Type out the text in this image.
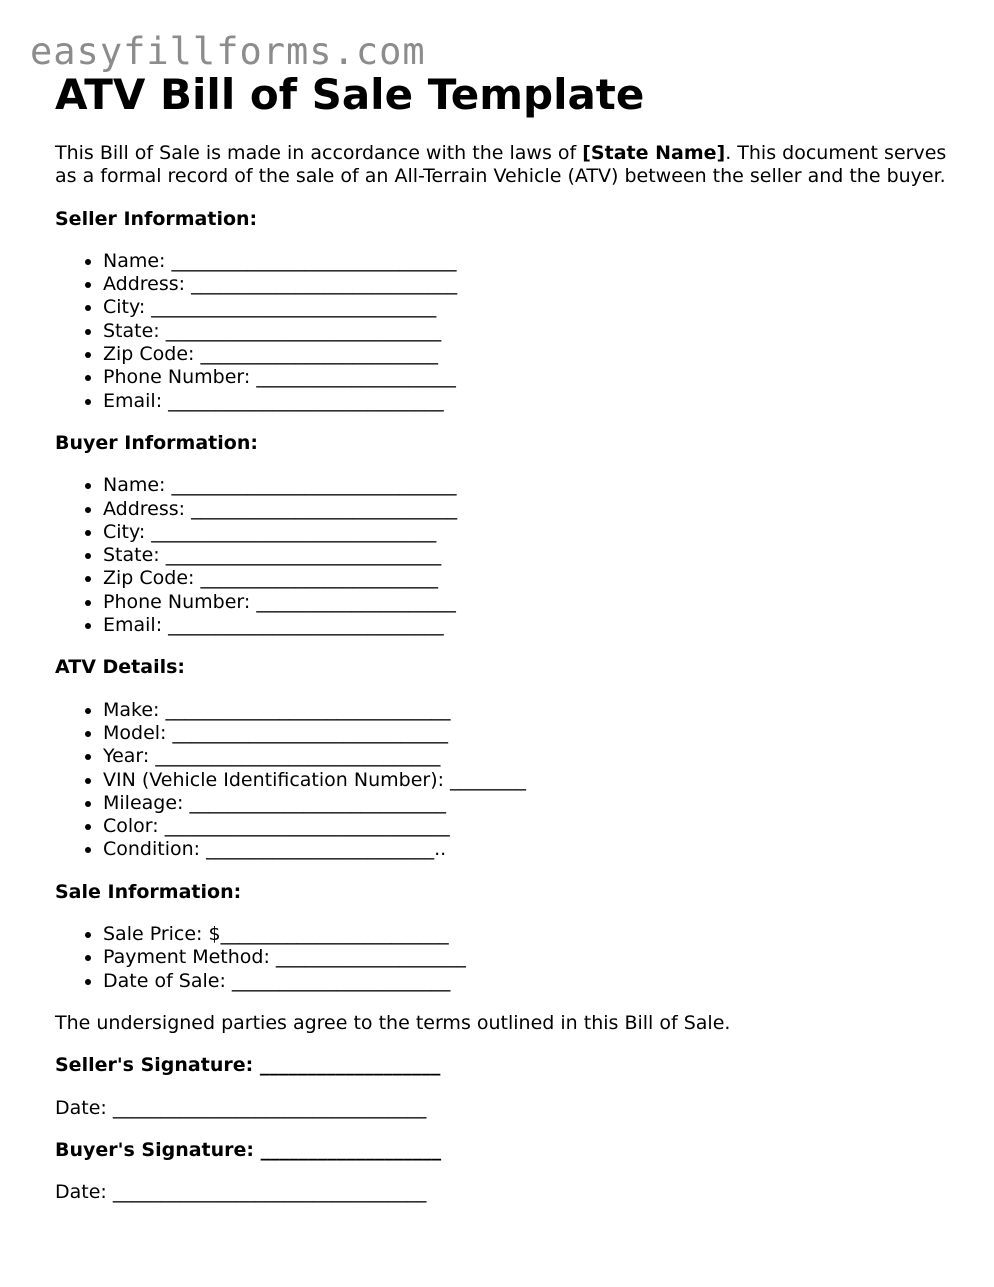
easyfillforms.com
ATV Bill of Sale Template

This Bill of Sale is made in accordance with the laws of [State Name]. This document serves as a formal record of the sale of an All-Terrain Vehicle (ATV) between the seller and the buyer.

Seller Information:

• Name: ______________________________
• Address: ____________________________
• City: ______________________________
• State: _____________________________
• Zip Code: _________________________
• Phone Number: _____________________
• Email: _____________________________

Buyer Information:

• Name: ______________________________
• Address: ____________________________
• City: ______________________________
• State: _____________________________
• Zip Code: _________________________
• Phone Number: _____________________
• Email: _____________________________

ATV Details:

• Make: ______________________________
• Model: _____________________________
• Year: ______________________________
• VIN (Vehicle Identification Number): ________
• Mileage: ___________________________
• Color: ______________________________
• Condition: ________________________..

Sale Information:

• Sale Price: $________________________
• Payment Method: ____________________
• Date of Sale: _______________________

The undersigned parties agree to the terms outlined in this Bill of Sale.

Seller's Signature: ___________________

Date: _________________________________

Buyer's Signature: ___________________

Date: _________________________________
